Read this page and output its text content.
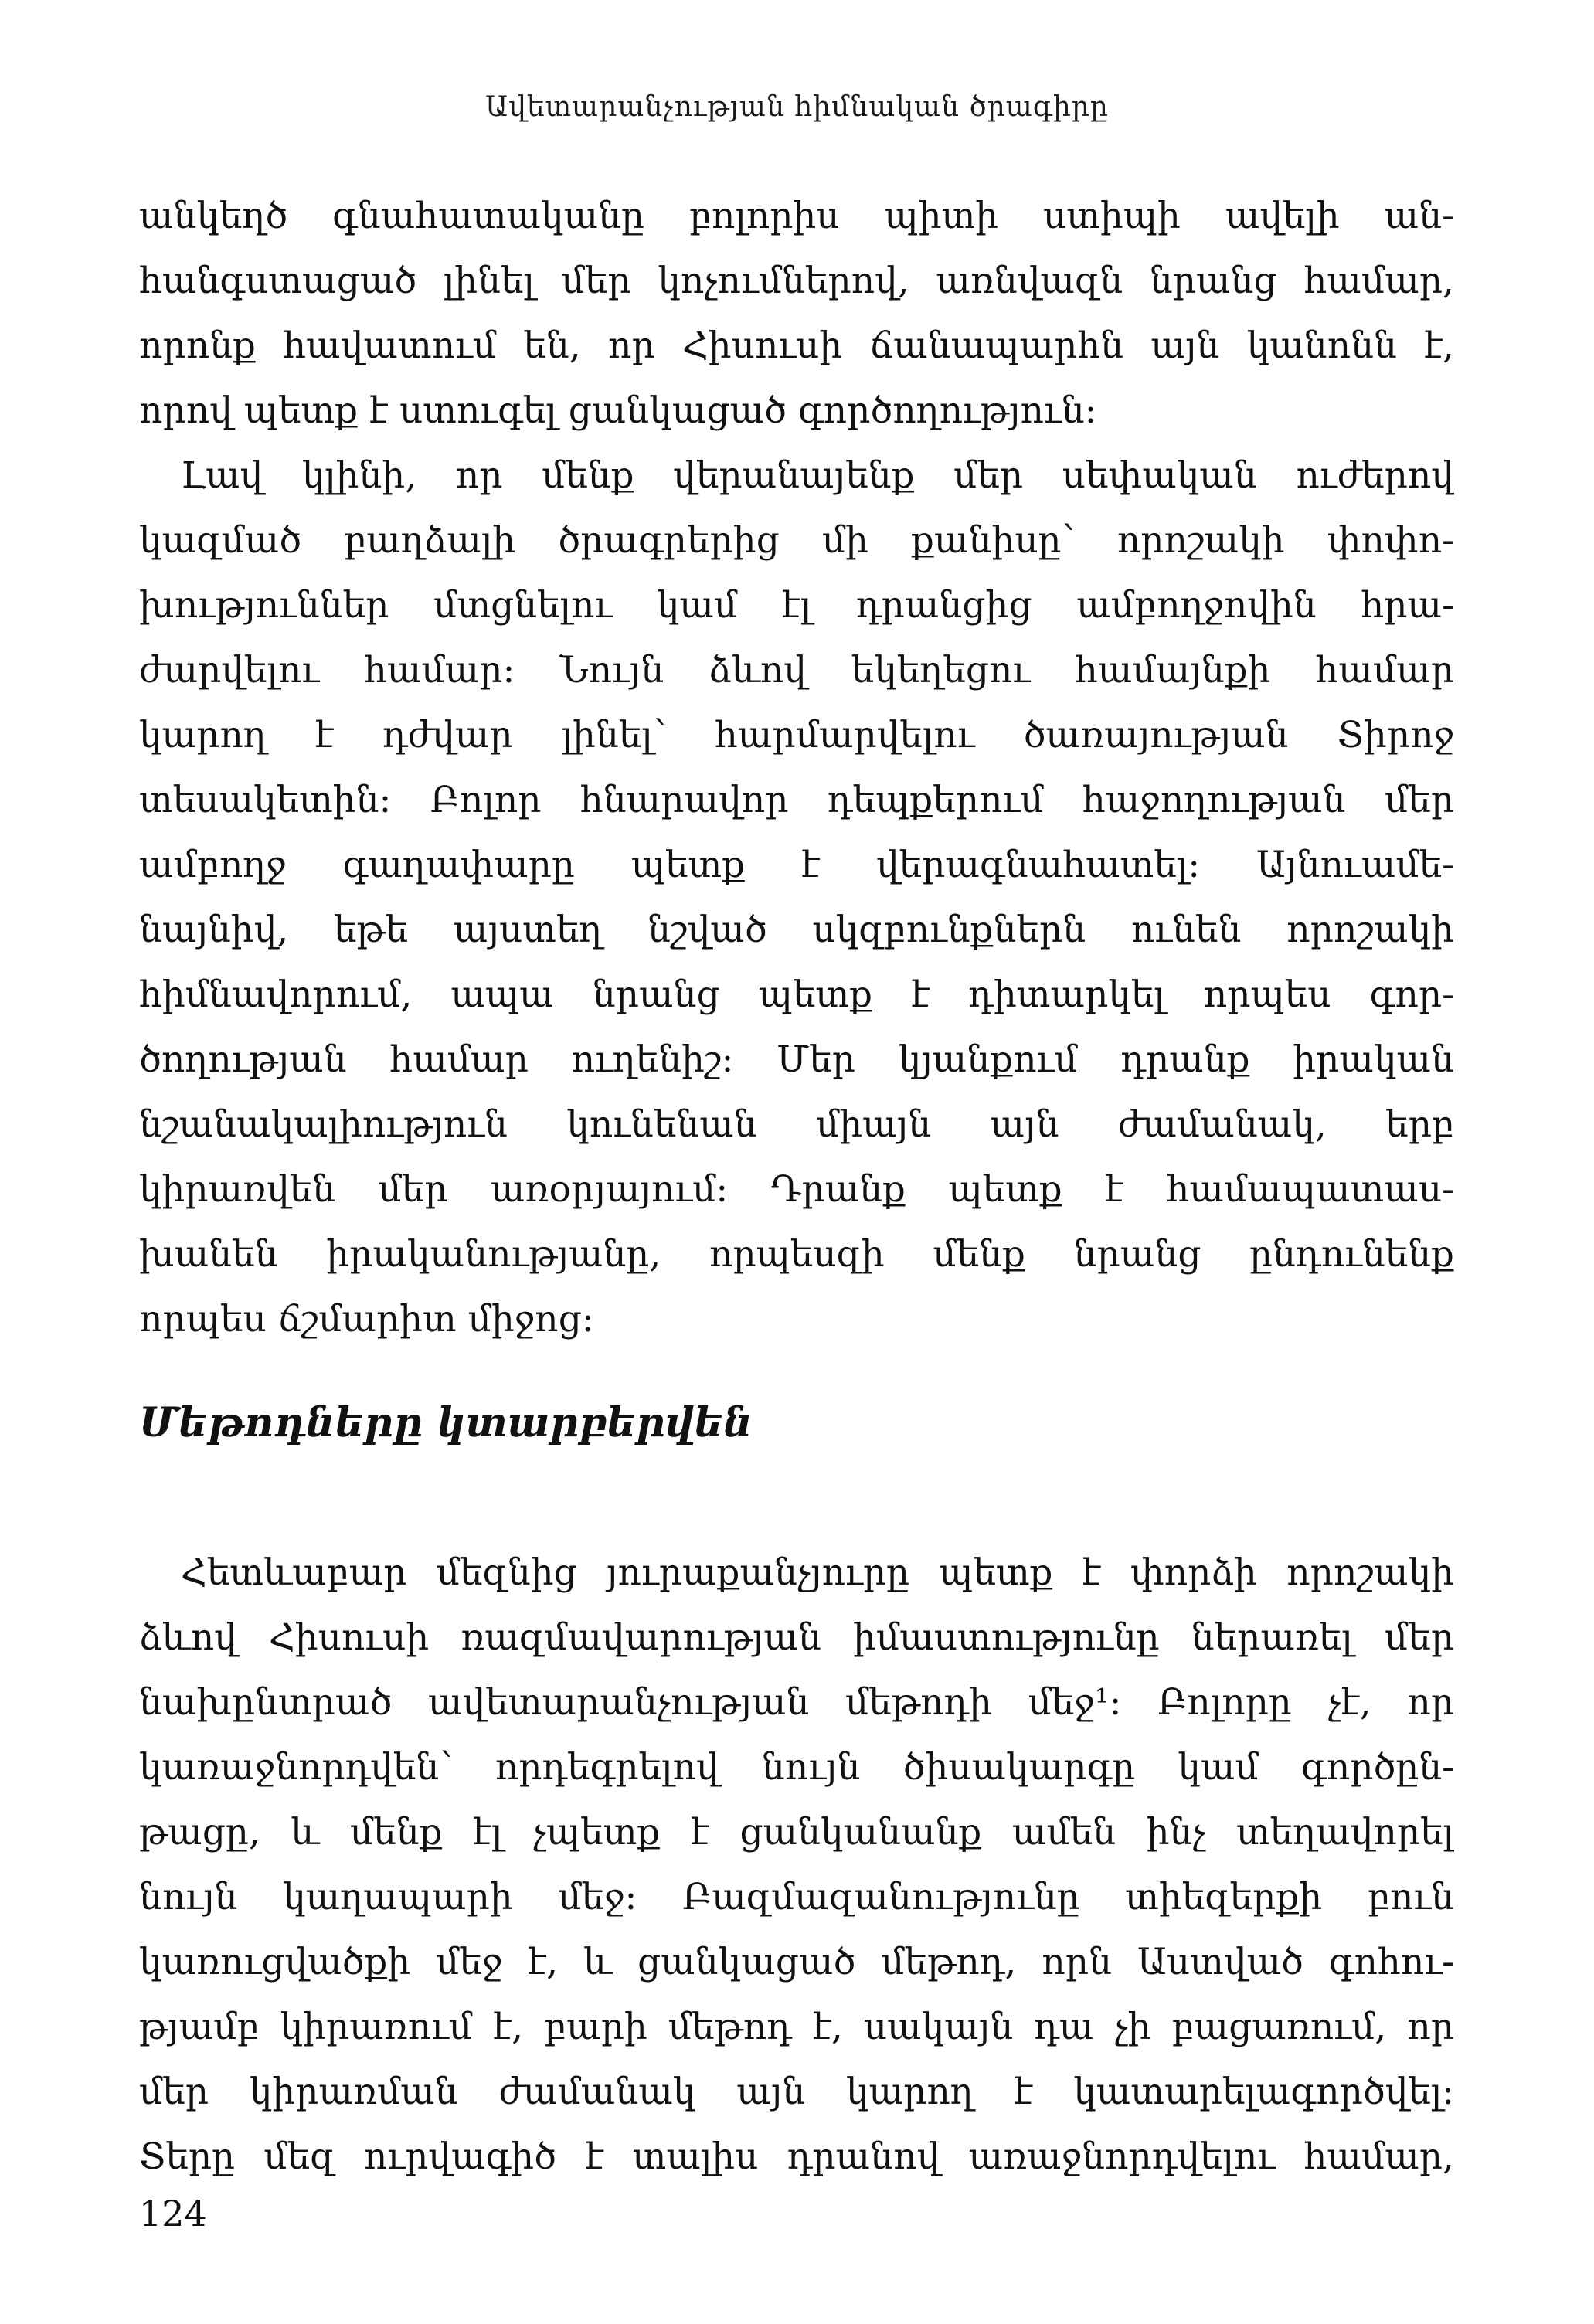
Ավետարանչության հիմնական ծրագիրը
անկեղծ գնահատականը բոլորիս պիտի ստիպի ավելի ան-
հանգստացած լինել մեր կոչումներով, առնվազն նրանց համար,
որոնք հավատում են, որ Հիսուսի ճանապարհն այն կանոնն է,
որով պետք է ստուգել ցանկացած գործողություն:
Լավ կլինի, որ մենք վերանայենք մեր սեփական ուժերով
կազմած բաղձալի ծրագրերից մի քանիսը՝ որոշակի փոփո-
խություններ մտցնելու կամ էլ դրանցից ամբողջովին հրա-
ժարվելու համար: Նույն ձևով եկեղեցու համայնքի համար
կարող է դժվար լինել՝ հարմարվելու ծառայության Տիրոջ
տեսակետին: Բոլոր հնարավոր դեպքերում հաջողության մեր
ամբողջ գաղափարը պետք է վերագնահատել: Այնուամե-
նայնիվ, եթե այստեղ նշված սկզբունքներն ունեն որոշակի
հիմնավորում, ապա նրանց պետք է դիտարկել որպես գոր-
ծողության համար ուղենիշ: Մեր կյանքում դրանք իրական
նշանակալիություն կունենան միայն այն ժամանակ, երբ
կիրառվեն մեր առօրյայում: Դրանք պետք է համապատաս-
խանեն իրականությանը, որպեսզի մենք նրանց ընդունենք
որպես ճշմարիտ միջոց:
Մեթոդները կտարբերվեն
Հետևաբար մեզնից յուրաքանչյուրը պետք է փորձի որոշակի
ձևով Հիսուսի ռազմավարության իմաստությունը ներառել մեր
նախընտրած ավետարանչության մեթոդի մեջ¹: Բոլորը չէ, որ
կառաջնորդվեն՝ որդեգրելով նույն ծիսակարգը կամ գործըն-
թացը, և մենք էլ չպետք է ցանկանանք ամեն ինչ տեղավորել
նույն կաղապարի մեջ: Բազմազանությունը տիեզերքի բուն
կառուցվածքի մեջ է, և ցանկացած մեթոդ, որն Աստված գոհու-
թյամբ կիրառում է, բարի մեթոդ է, սակայն դա չի բացառում, որ
մեր կիրառման ժամանակ այն կարող է կատարելագործվել:
Տերը մեզ ուրվագիծ է տալիս դրանով առաջնորդվելու համար,
124
